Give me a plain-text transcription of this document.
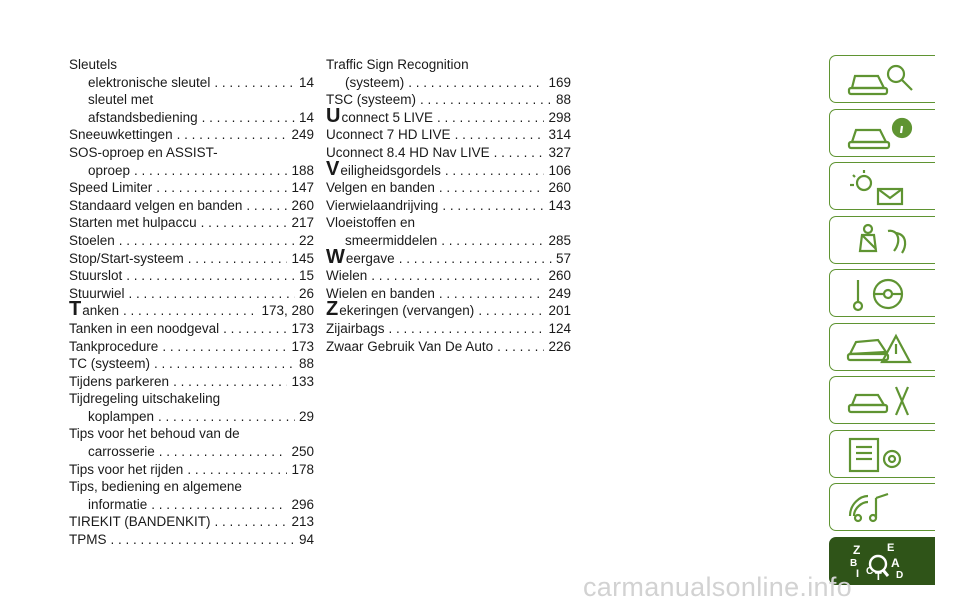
Sleutels
elektronische sleutel . . .	14
sleutel met
afstandsbediening . . .	14
Sneeuwkettingen . . .	249
SOS-oproep en ASSIST-
oproep . . .	188
Speed Limiter . . .	147
Standaard velgen en banden . . .	260
Starten met hulpaccu . . .	217
Stoelen . . .	22
Stop/Start-systeem . . .	145
Stuurslot . . .	15
Stuurwiel . . .	26
Tanken . . .	173, 280
Tanken in een noodgeval . . .	173
Tankprocedure . . .	173
TC (systeem) . . .	88
Tijdens parkeren . . .	133
Tijdregeling uitschakeling
koplampen . . .	29
Tips voor het behoud van de
carrosserie . . .	250
Tips voor het rijden . . .	178
Tips, bediening en algemene
informatie . . .	296
TIREKIT (BANDENKIT) . . .	213
TPMS . . .	94
Traffic Sign Recognition
(systeem) . . .	169
TSC (systeem) . . .	88
Uconnect 5 LIVE . . .	298
Uconnect 7 HD LIVE . . .	314
Uconnect 8.4 HD Nav LIVE . . .	327
Veiligheidsgordels . . .	106
Velgen en banden . . .	260
Vierwielaandrijving . . .	143
Vloeistoffen en
smeermiddelen . . .	285
Weergave . . .	57
Wielen . . .	260
Wielen en banden . . .	249
Zekeringen (vervangen) . . .	201
Zijairbags . . .	124
Zwaar Gebruik Van De Auto . . .	226
Z E
B	A
I C T D
carmanualsonline.info
